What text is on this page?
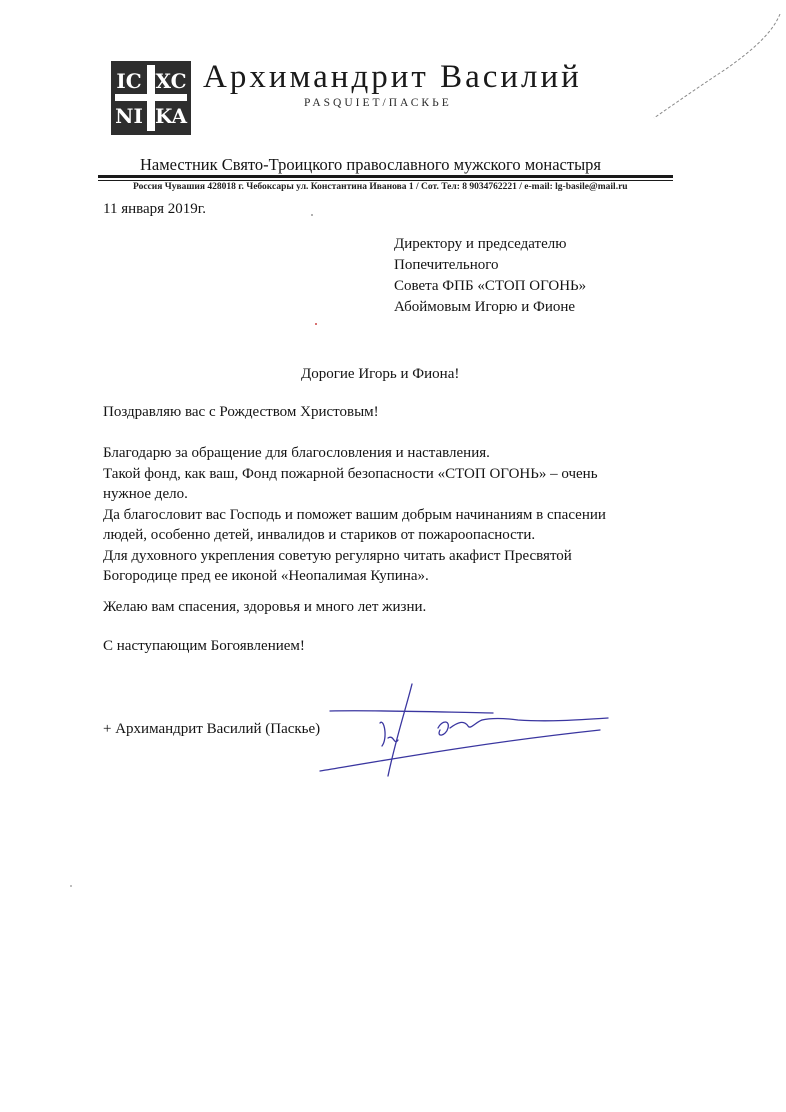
IC XC
NI KA
Архимандрит Василий
PASQUIET/ПАСКЬЕ
Наместник Свято-Троицкого православного мужского монастыря
Россия Чувашия 428018 г. Чебоксары ул. Константина Иванова 1 / Сот. Тел: 8 9034762221 / e-mail: lg-basile@mail.ru
11 января 2019г.
Директору и председателю
Попечительного
Совета ФПБ «СТОП ОГОНЬ»
Абоймовым Игорю и Фионе
Дорогие Игорь и Фиона!
Поздравляю вас с Рождеством Христовым!
Благодарю за обращение для благословления и наставления.
Такой фонд, как ваш, Фонд пожарной безопасности «СТОП ОГОНЬ» – очень
нужное дело.
Да благословит вас Господь и поможет вашим добрым начинаниям в спасении
людей, особенно детей, инвалидов и стариков от пожароопасности.
Для духовного укрепления советую регулярно читать акафист Пресвятой
Богородице пред ее иконой «Неопалимая Купина».
Желаю вам спасения, здоровья и много лет жизни.
С наступающим Богоявлением!
+ Архимандрит Василий (Паскье)
